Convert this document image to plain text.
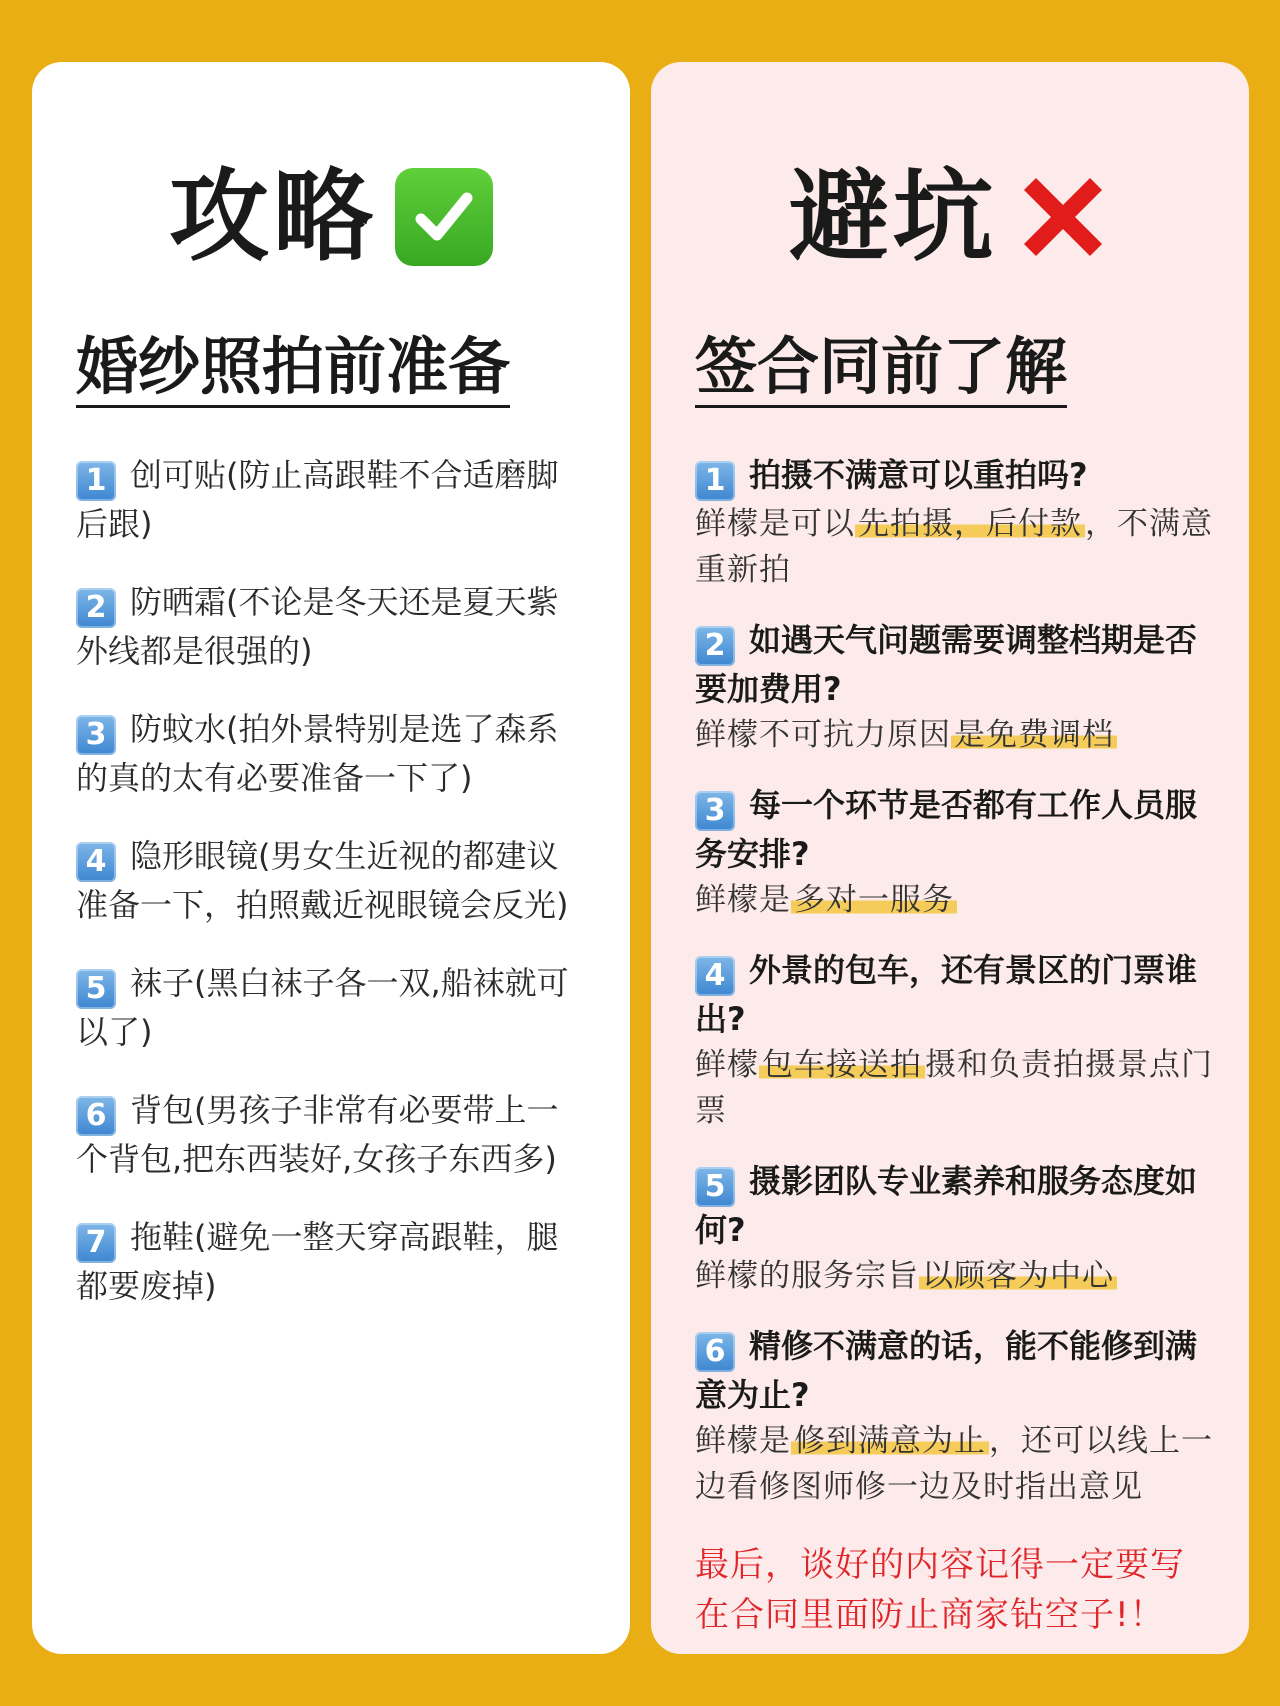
攻略
婚纱照拍前准备
1 创可贴(防止高跟鞋不合适磨脚后跟)
2 防晒霜(不论是冬天还是夏天紫外线都是很强的)
3 防蚊水(拍外景特别是选了森系的真的太有必要准备一下了)
4 隐形眼镜(男女生近视的都建议准备一下，拍照戴近视眼镜会反光)
5 袜子(黑白袜子各一双,船袜就可以了)
6 背包(男孩子非常有必要带上一个背包,把东西装好,女孩子东西多)
7 拖鞋(避免一整天穿高跟鞋，腿都要废掉)
避坑
签合同前了解
1 拍摄不满意可以重拍吗?
鲜檬是可以先拍摄，后付款，不满意重新拍
2 如遇天气问题需要调整档期是否要加费用?
鲜檬不可抗力原因是免费调档
3 每一个环节是否都有工作人员服务安排?
鲜檬是多对一服务
4 外景的包车，还有景区的门票谁出?
鲜檬包车接送拍摄和负责拍摄景点门票
5 摄影团队专业素养和服务态度如何?
鲜檬的服务宗旨以顾客为中心
6 精修不满意的话，能不能修到满意为止?
鲜檬是修到满意为止，还可以线上一边看修图师修一边及时指出意见
最后，谈好的内容记得一定要写在合同里面防止商家钻空子!！
